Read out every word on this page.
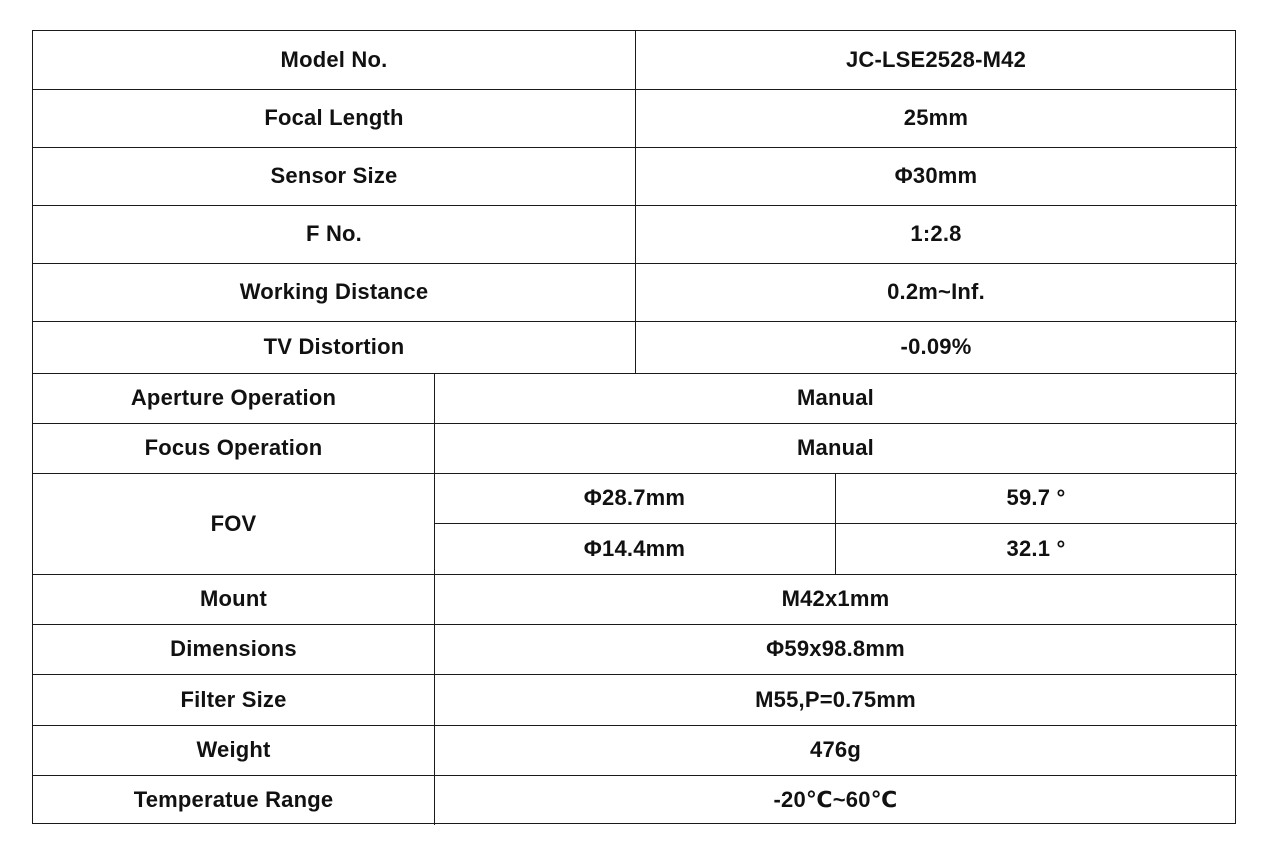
Model No.	JC-LSE2528-M42
Focal Length	25mm
Sensor Size	Φ30mm
F No.	1:2.8
Working Distance	0.2m~Inf.
TV Distortion	-0.09%
Aperture Operation	Manual
Focus Operation	Manual
FOV
Φ28.7mm	59.7 °
Φ14.4mm	32.1 °
Mount	M42x1mm
Dimensions	Φ59x98.8mm
Filter Size	M55,P=0.75mm
Weight	476g
Temperatue Range	-20℃~60℃
